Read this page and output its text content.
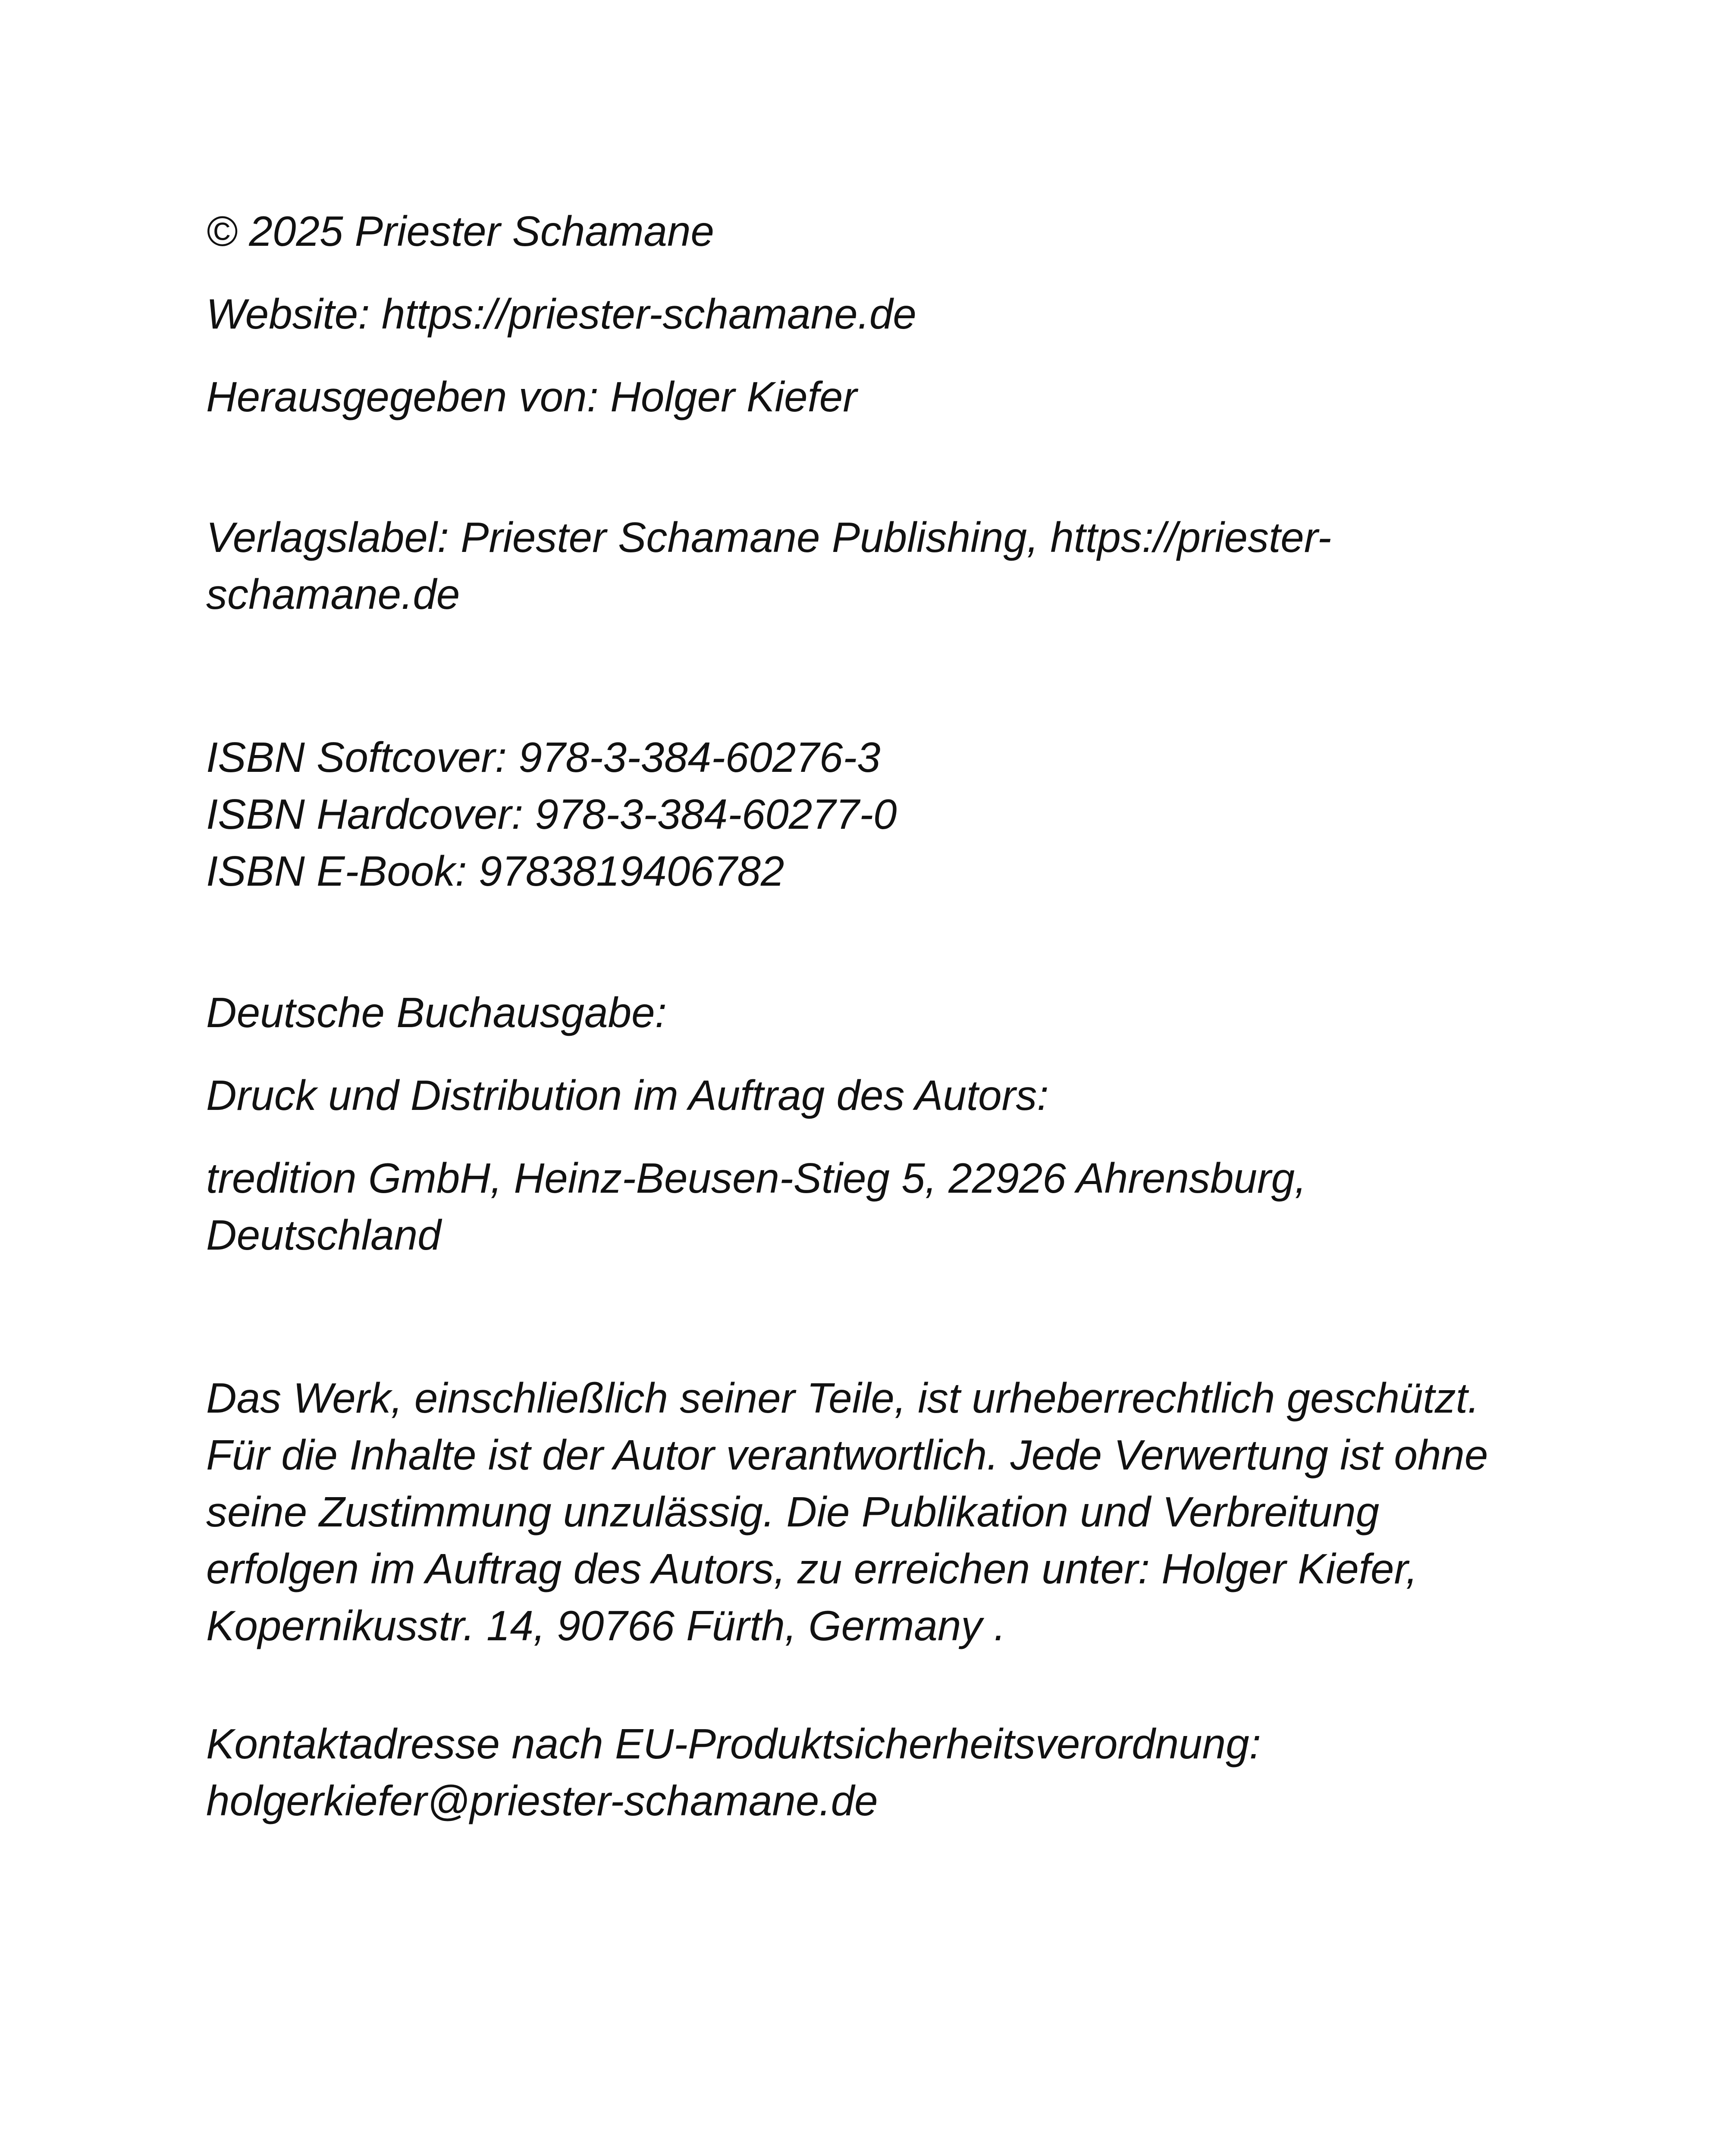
© 2025 Priester Schamane

Website: https://priester-schamane.de

Herausgegeben von: Holger Kiefer

Verlagslabel: Priester Schamane Publishing, https://priester-

schamane.de

ISBN Softcover: 978-3-384-60276-3

ISBN Hardcover: 978-3-384-60277-0

ISBN E-Book: 9783819406782

Deutsche Buchausgabe:

Druck und Distribution im Auftrag des Autors:

tredition GmbH, Heinz-Beusen-Stieg 5, 22926 Ahrensburg,

Deutschland

Das Werk, einschließlich seiner Teile, ist urheberrechtlich geschützt.

Für die Inhalte ist der Autor verantwortlich. Jede Verwertung ist ohne

seine Zustimmung unzulässig. Die Publikation und Verbreitung

erfolgen im Auftrag des Autors, zu erreichen unter: Holger Kiefer,

Kopernikusstr. 14, 90766 Fürth, Germany .

Kontaktadresse nach EU-Produktsicherheitsverordnung:

holgerkiefer@priester-schamane.de
